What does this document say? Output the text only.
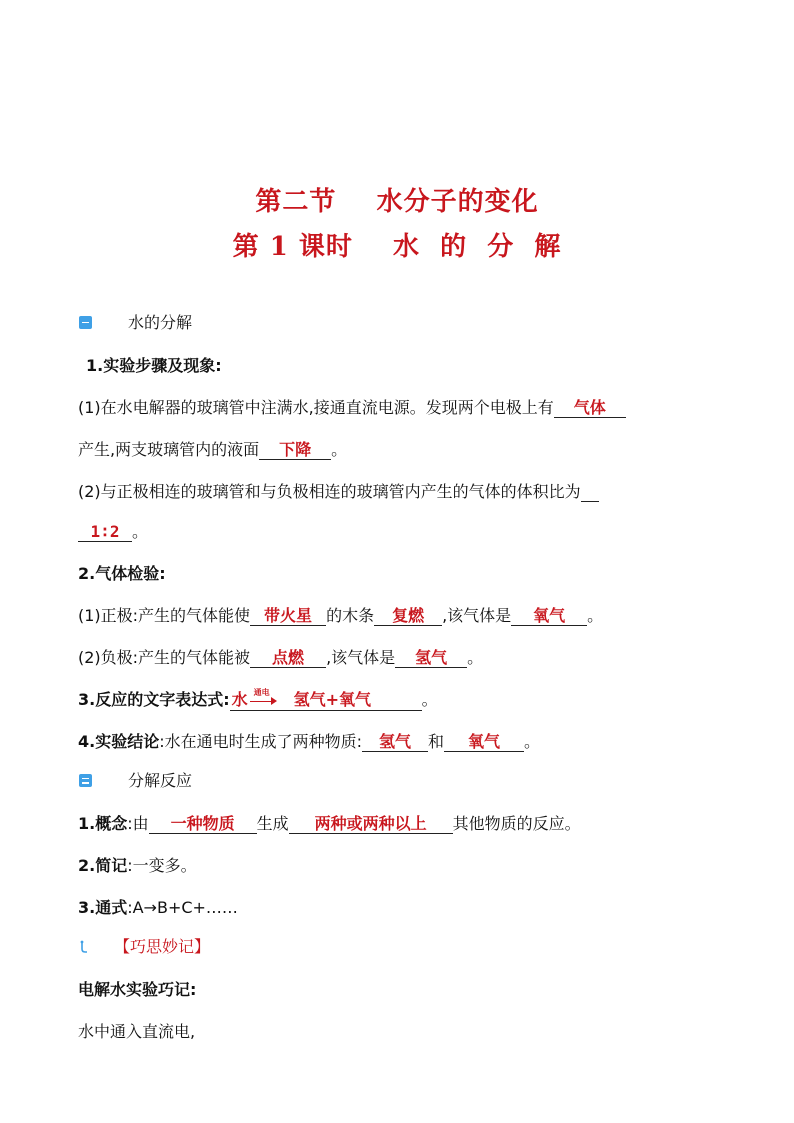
第二节    水分子的变化
第 1 课时    水  的  分  解
水的分解
1.实验步骤及现象:
(1)在水电解器的玻璃管中注满水,接通直流电源。发现两个电极上有 气体
产生,两支玻璃管内的液面 下降 。
(2)与正极相连的玻璃管和与负极相连的玻璃管内产生的气体的体积比为
1∶2 。
2.气体检验:
(1)正极:产生的气体能使 带火星 的木条 复燃 ,该气体是 氧气 。
(2)负极:产生的气体能被 点燃 ,该气体是 氢气 。
3.反应的文字表达式: 水 通电 氢气+氧气	。
4.实验结论:水在通电时生成了两种物质: 氢气 和 氧气 。
分解反应
1.概念:由 一种物质 生成 两种或两种以上 其他物质的反应。
2.简记:一变多。
3.通式:A→B+C+……
【巧思妙记】
电解水实验巧记:
水中通入直流电,
